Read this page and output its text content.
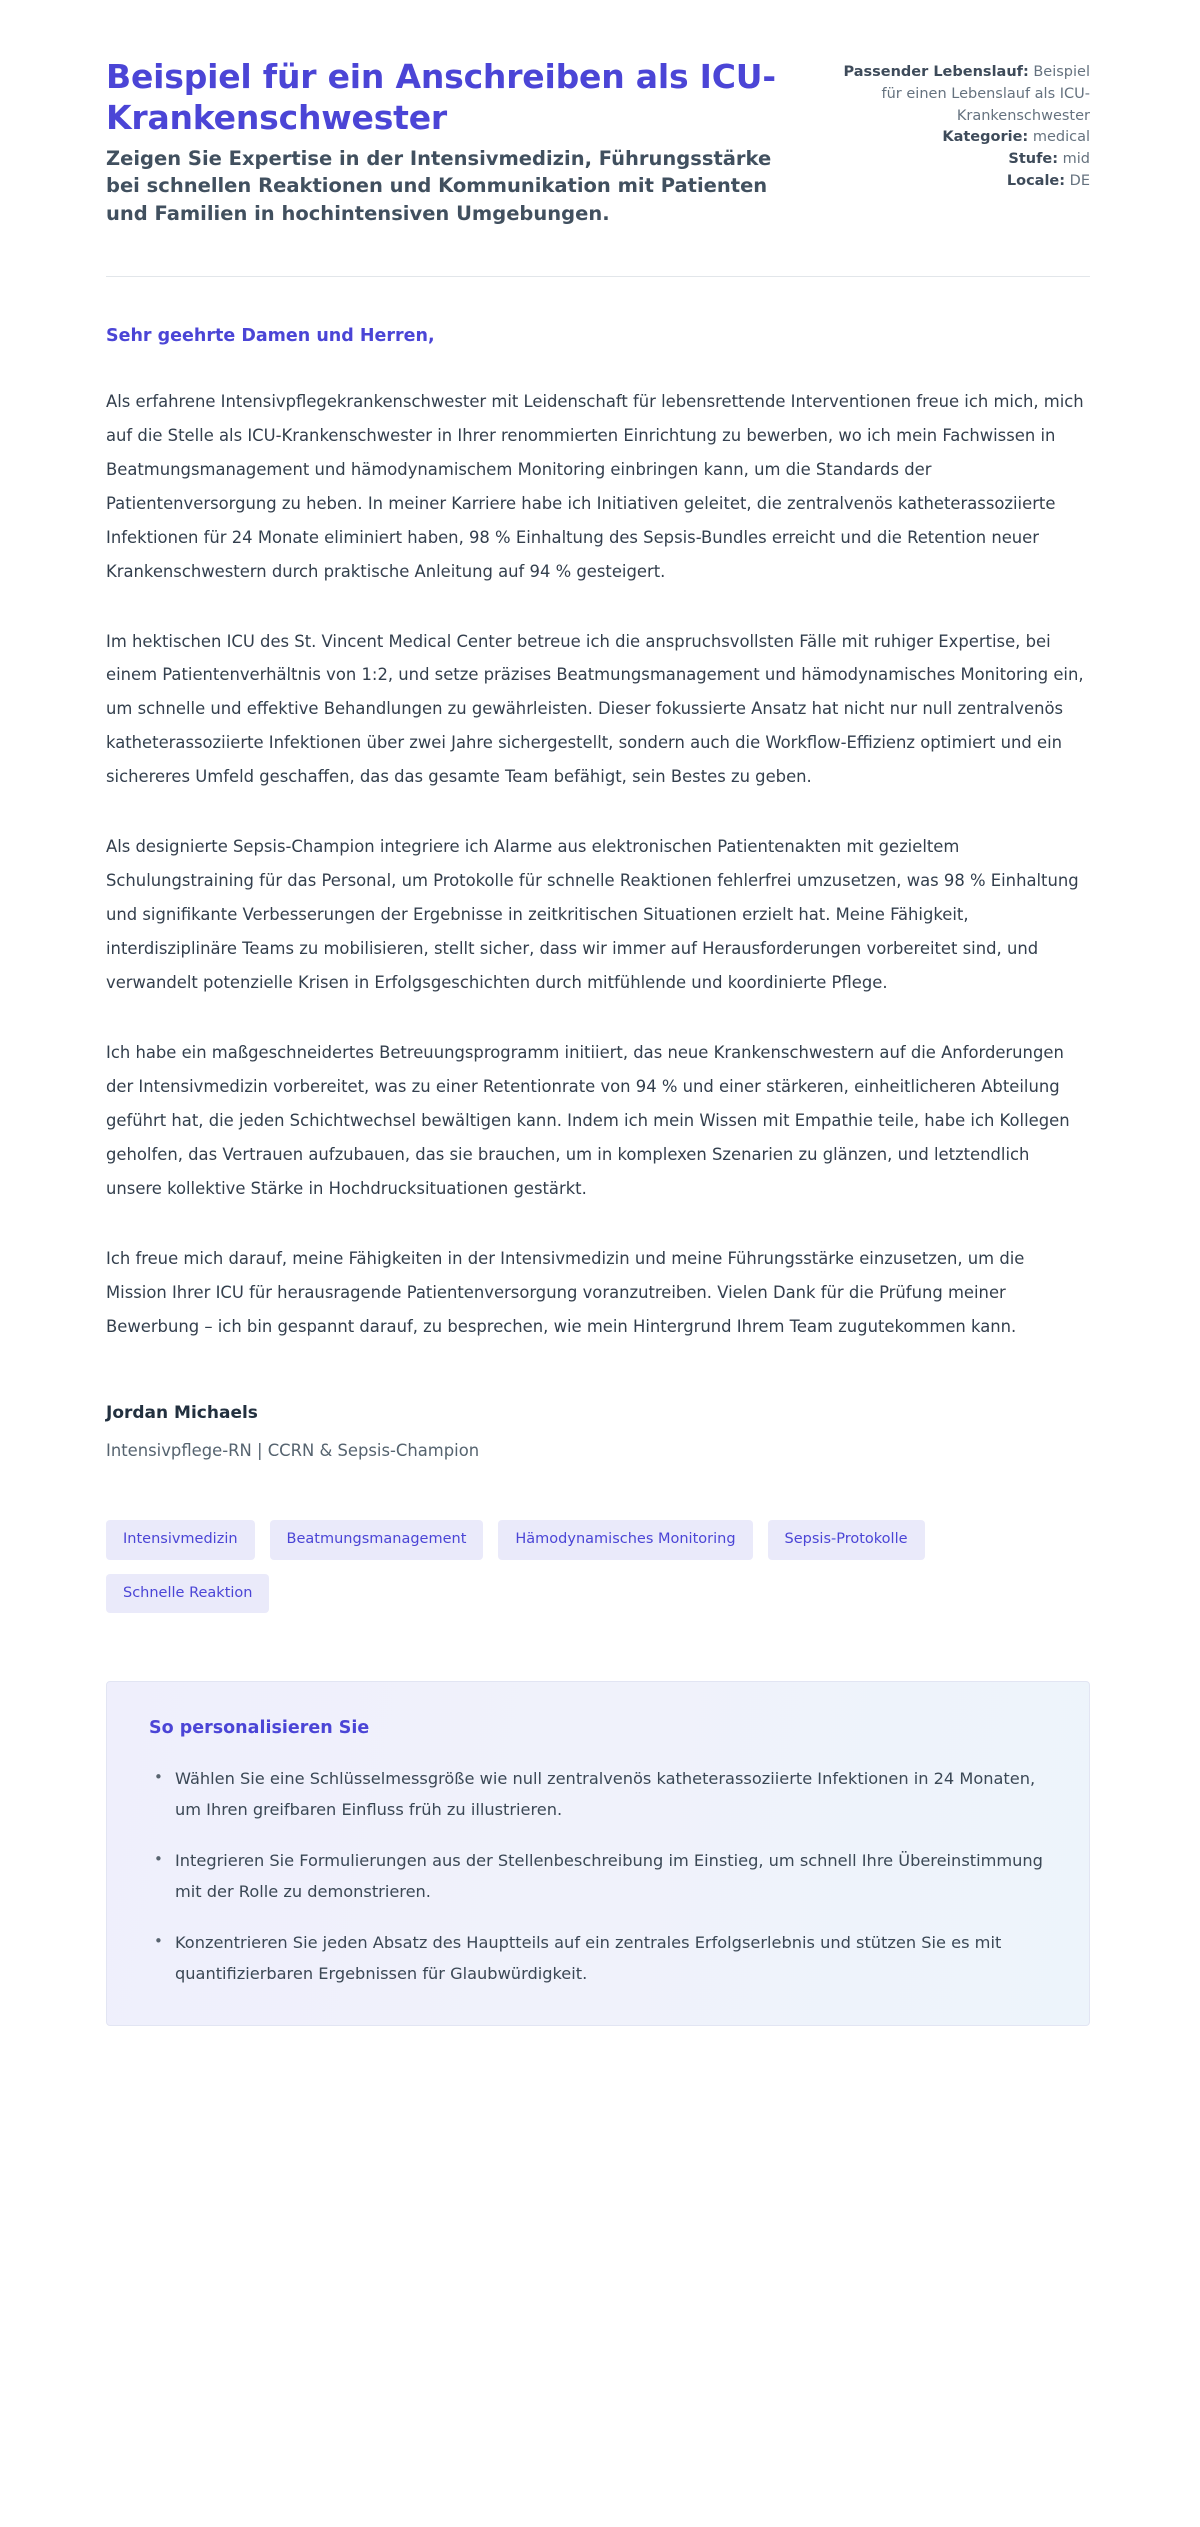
Beispiel für ein Anschreiben als ICU-Krankenschwester

Zeigen Sie Expertise in der Intensivmedizin, Führungsstärke bei schnellen Reaktionen und Kommunikation mit Patienten und Familien in hochintensiven Umgebungen.

Passender Lebenslauf: Beispiel für einen Lebenslauf als ICU-Krankenschwester
Kategorie: medical
Stufe: mid
Locale: DE

Sehr geehrte Damen und Herren,

Als erfahrene Intensivpflegekrankenschwester mit Leidenschaft für lebensrettende Interventionen freue ich mich, mich auf die Stelle als ICU-Krankenschwester in Ihrer renommierten Einrichtung zu bewerben, wo ich mein Fachwissen in Beatmungsmanagement und hämodynamischem Monitoring einbringen kann, um die Standards der Patientenversorgung zu heben. In meiner Karriere habe ich Initiativen geleitet, die zentralvenös katheterassoziierte Infektionen für 24 Monate eliminiert haben, 98 % Einhaltung des Sepsis-Bundles erreicht und die Retention neuer Krankenschwestern durch praktische Anleitung auf 94 % gesteigert.

Im hektischen ICU des St. Vincent Medical Center betreue ich die anspruchsvollsten Fälle mit ruhiger Expertise, bei einem Patientenverhältnis von 1:2, und setze präzises Beatmungsmanagement und hämodynamisches Monitoring ein, um schnelle und effektive Behandlungen zu gewährleisten. Dieser fokussierte Ansatz hat nicht nur null zentralvenös katheterassoziierte Infektionen über zwei Jahre sichergestellt, sondern auch die Workflow-Effizienz optimiert und ein sichereres Umfeld geschaffen, das das gesamte Team befähigt, sein Bestes zu geben.

Als designierte Sepsis-Champion integriere ich Alarme aus elektronischen Patientenakten mit gezieltem Schulungstraining für das Personal, um Protokolle für schnelle Reaktionen fehlerfrei umzusetzen, was 98 % Einhaltung und signifikante Verbesserungen der Ergebnisse in zeitkritischen Situationen erzielt hat. Meine Fähigkeit, interdisziplinäre Teams zu mobilisieren, stellt sicher, dass wir immer auf Herausforderungen vorbereitet sind, und verwandelt potenzielle Krisen in Erfolgsgeschichten durch mitfühlende und koordinierte Pflege.

Ich habe ein maßgeschneidertes Betreuungsprogramm initiiert, das neue Krankenschwestern auf die Anforderungen der Intensivmedizin vorbereitet, was zu einer Retentionrate von 94 % und einer stärkeren, einheitlicheren Abteilung geführt hat, die jeden Schichtwechsel bewältigen kann. Indem ich mein Wissen mit Empathie teile, habe ich Kollegen geholfen, das Vertrauen aufzubauen, das sie brauchen, um in komplexen Szenarien zu glänzen, und letztendlich unsere kollektive Stärke in Hochdrucksituationen gestärkt.

Ich freue mich darauf, meine Fähigkeiten in der Intensivmedizin und meine Führungsstärke einzusetzen, um die Mission Ihrer ICU für herausragende Patientenversorgung voranzutreiben. Vielen Dank für die Prüfung meiner Bewerbung – ich bin gespannt darauf, zu besprechen, wie mein Hintergrund Ihrem Team zugutekommen kann.

Jordan Michaels

Intensivpflege-RN | CCRN & Sepsis-Champion

Intensivmedizin	Beatmungsmanagement	Hämodynamisches Monitoring	Sepsis-Protokolle
Schnelle Reaktion
So personalisieren Sie
• Wählen Sie eine Schlüsselmessgröße wie null zentralvenös katheterassoziierte Infektionen in 24 Monaten, um Ihren greifbaren Einfluss früh zu illustrieren.
• Integrieren Sie Formulierungen aus der Stellenbeschreibung im Einstieg, um schnell Ihre Übereinstimmung mit der Rolle zu demonstrieren.
• Konzentrieren Sie jeden Absatz des Hauptteils auf ein zentrales Erfolgserlebnis und stützen Sie es mit quantifizierbaren Ergebnissen für Glaubwürdigkeit.
